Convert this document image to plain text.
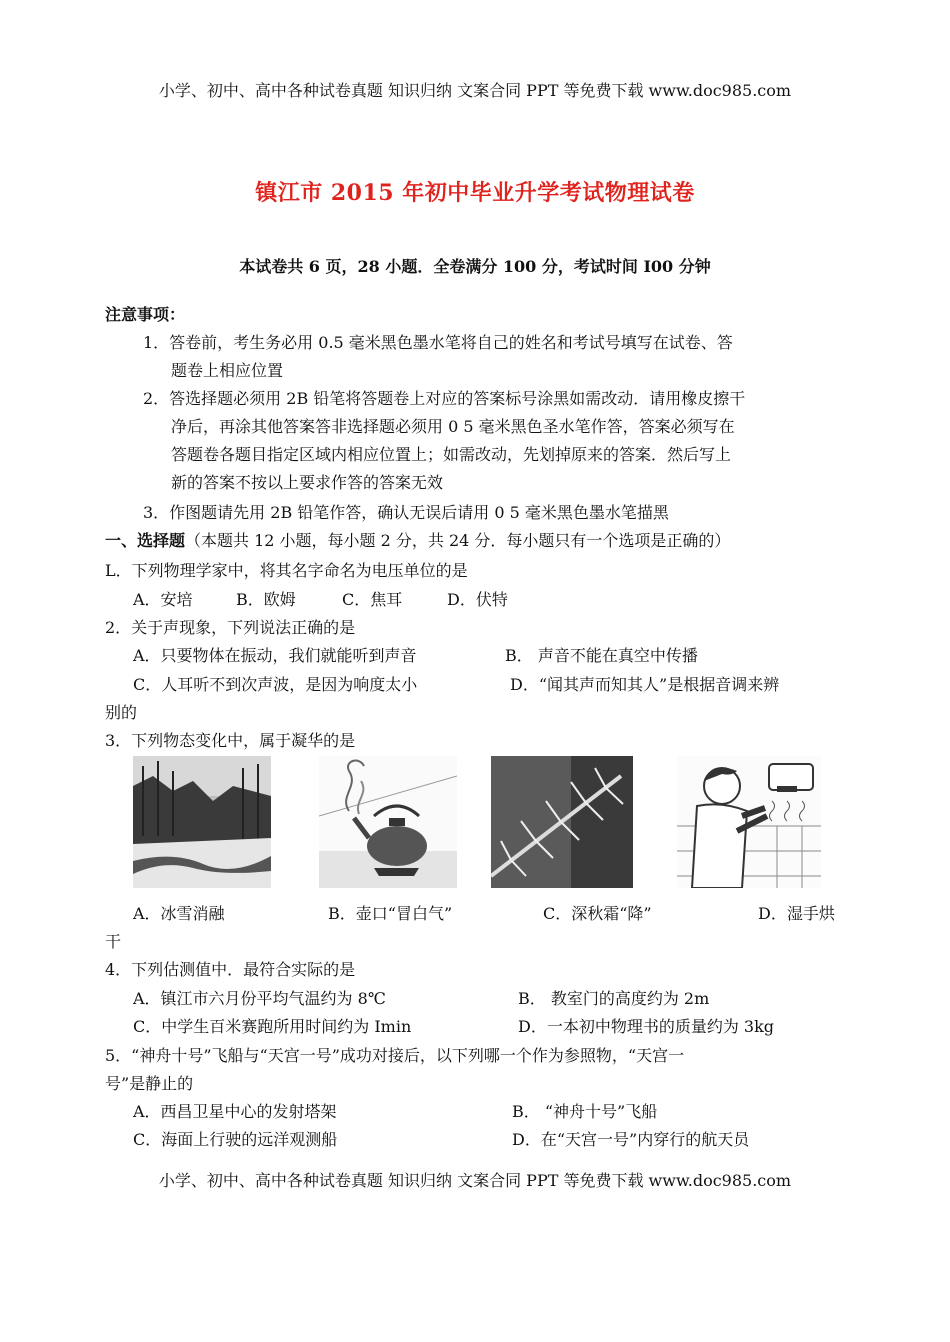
小学、初中、高中各种试卷真题 知识归纳 文案合同 PPT 等免费下载 www.doc985.com
镇江市 2015 年初中毕业升学考试物理试卷
本试卷共 6 页，28 小题．全卷满分 100 分，考试时间 I00 分钟
注意事项：
1．答卷前，考生务必用 0.5 毫米黑色墨水笔将自己的姓名和考试号填写在试卷、答
题卷上相应位置
2．答选择题必须用 2B 铅笔将答题卷上对应的答案标号涂黑如需改动．请用橡皮擦干
净后，再涂其他答案答非选择题必须用 0 5 毫米黑色圣水笔作答，答案必须写在
答题卷各题目指定区域内相应位置上；如需改动，先划掉原来的答案．然后写上
新的答案不按以上要求作答的答案无效
3．作图题请先用 2B 铅笔作答，确认无误后请用 0 5 毫米黑色墨水笔描黑
一、选择题（本题共 12 小题，每小题 2 分，共 24 分．每小题只有一个选项是正确的）
L．下列物理学家中，将其名字命名为电压单位的是
A．安培	B．欧姆	C．焦耳	D．伏特
2．关于声现象，下列说法正确的是
A．只要物体在振动，我们就能听到声音	B． 声音不能在真空中传播
C．人耳听不到次声波，是因为响度太小	D．“闻其声而知其人”是根据音调来辨
别的
3．下列物态变化中，属于凝华的是
A．冰雪消融	B．壶口“冒白气”	C．深秋霜“降”	D．湿手烘
干
4．下列估测值中．最符合实际的是
A．镇江市六月份平均气温约为 8℃	B． 教室门的高度约为 2m
C．中学生百米赛跑所用时间约为 Imin	D．一本初中物理书的质量约为 3kg
5．“神舟十号”飞船与“天宫一号”成功对接后，以下列哪一个作为参照物，“天宫一
号”是静止的
A．西昌卫星中心的发射塔架	B． “神舟十号”飞船
C．海面上行驶的远洋观测船	D．在“天宫一号”内穿行的航天员
小学、初中、高中各种试卷真题 知识归纳 文案合同 PPT 等免费下载 www.doc985.com
